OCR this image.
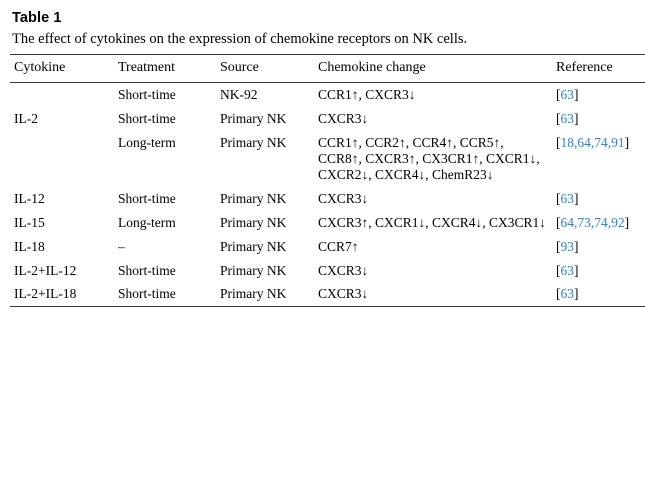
Table 1
The effect of cytokines on the expression of chemokine receptors on NK cells.
Cytokine	Treatment	Source	Chemokine change	Reference
	Short-time	NK-92	CCR1↑, CXCR3↓	[63]
IL-2	Short-time	Primary NK	CXCR3↓	[63]
	Long-term	Primary NK	CCR1↑, CCR2↑, CCR4↑, CCR5↑, CCR8↑, CXCR3↑, CX3CR1↑, CXCR1↓, CXCR2↓, CXCR4↓, ChemR23↓	[18,64,74,91]
IL-12	Short-time	Primary NK	CXCR3↓	[63]
IL-15	Long-term	Primary NK	CXCR3↑, CXCR1↓, CXCR4↓, CX3CR1↓	[64,73,74,92]
IL-18	–	Primary NK	CCR7↑	[93]
IL-2+IL-12	Short-time	Primary NK	CXCR3↓	[63]
IL-2+IL-18	Short-time	Primary NK	CXCR3↓	[63]
